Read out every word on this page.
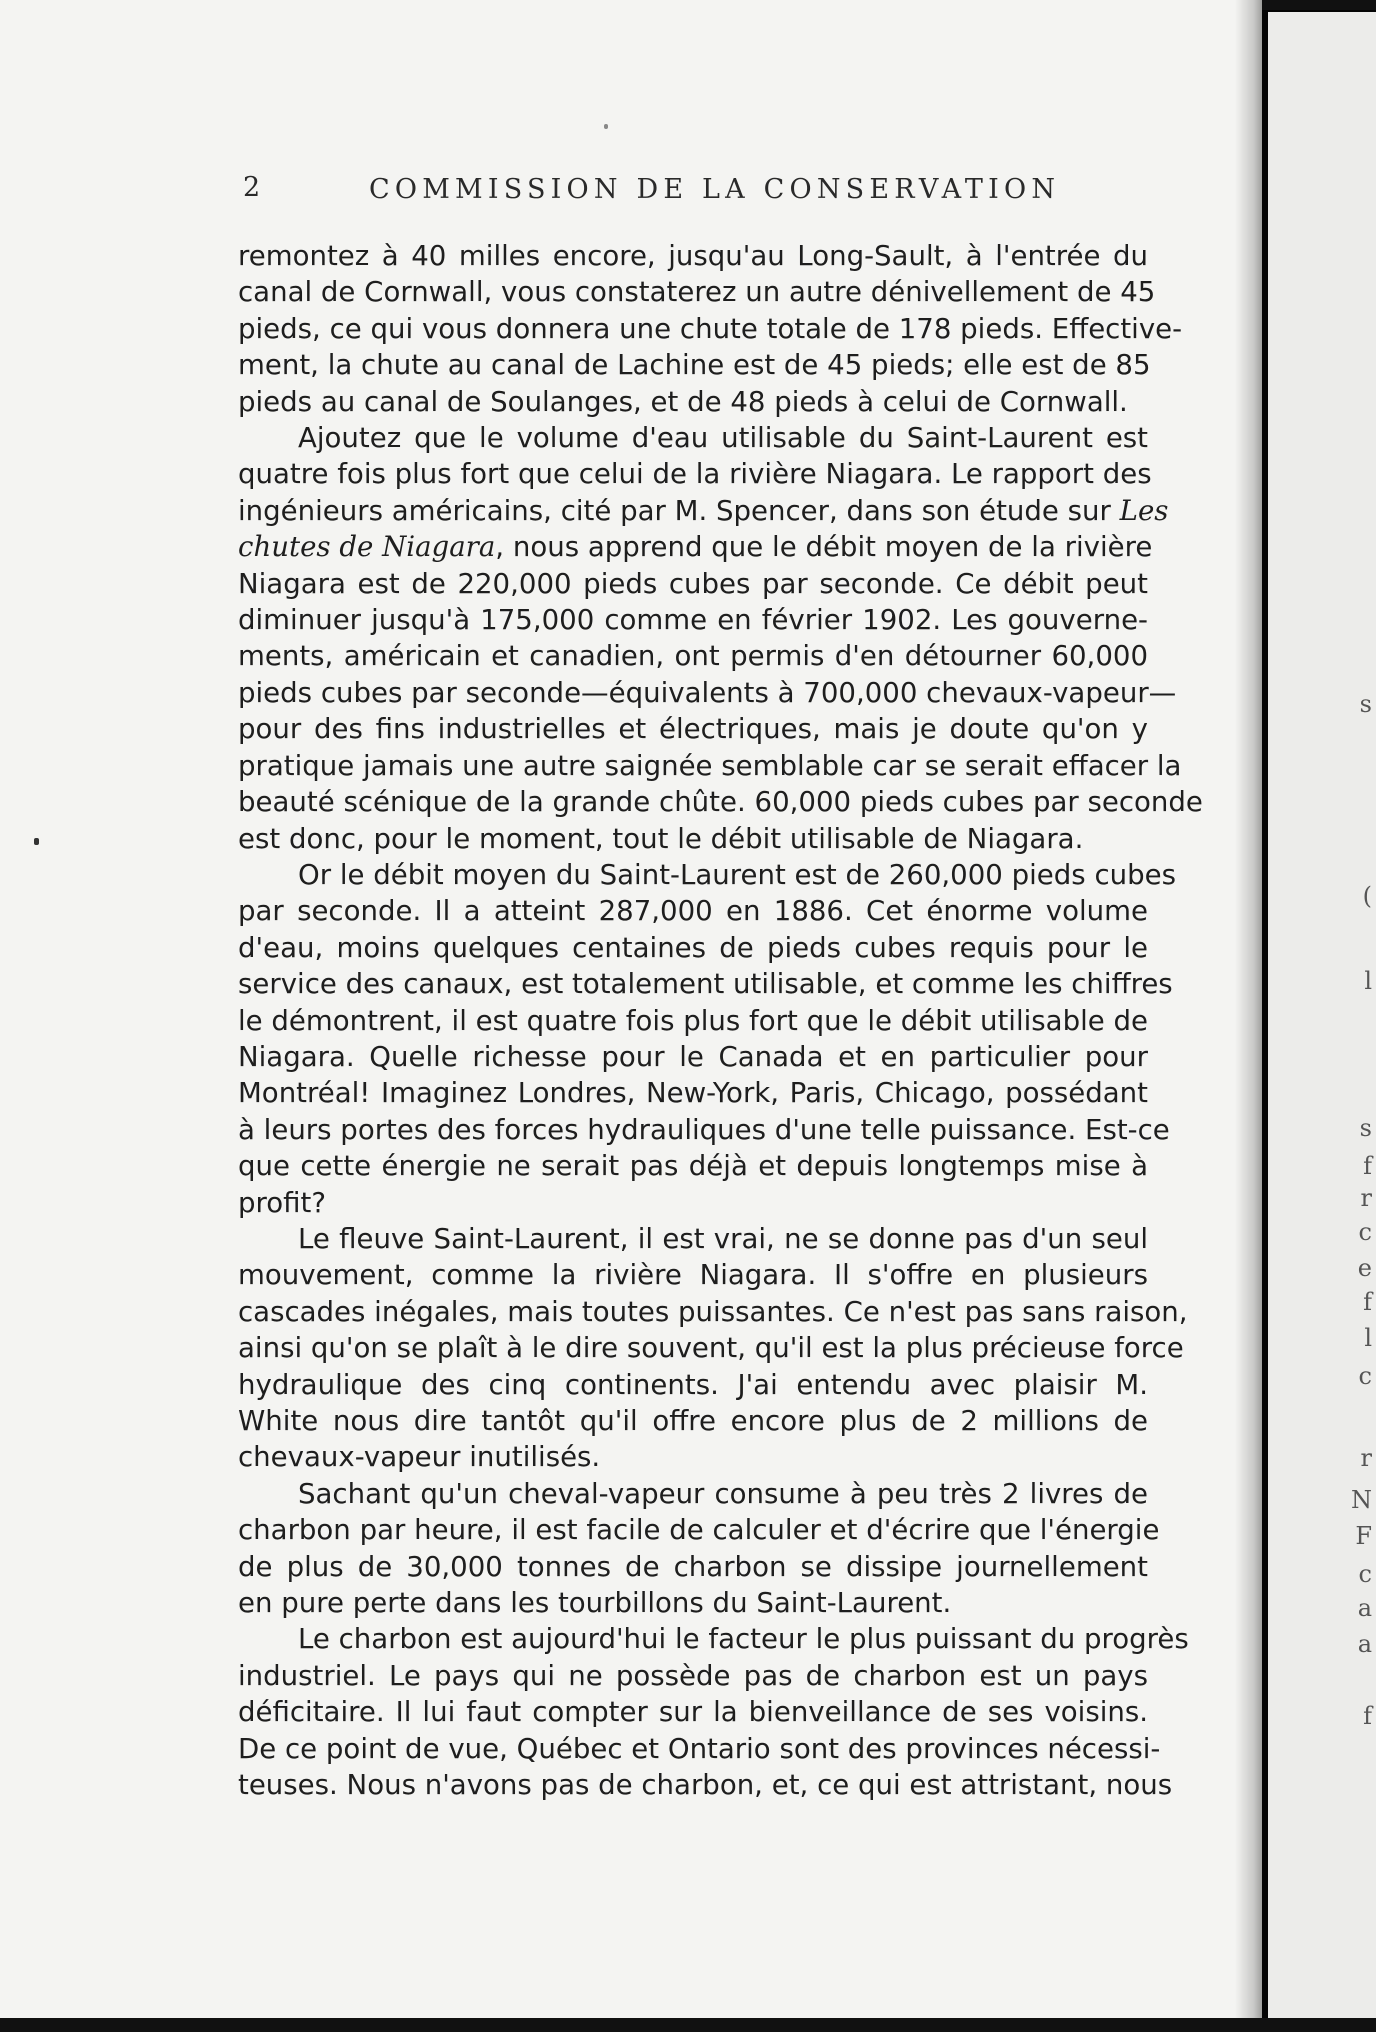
2	COMMISSION DE LA CONSERVATION

remontez à 40 milles encore, jusqu'au Long-Sault, à l'entrée du
canal de Cornwall, vous constaterez un autre dénivellement de 45
pieds, ce qui vous donnera une chute totale de 178 pieds. Effective-
ment, la chute au canal de Lachine est de 45 pieds; elle est de 85
pieds au canal de Soulanges, et de 48 pieds à celui de Cornwall.

Ajoutez que le volume d'eau utilisable du Saint-Laurent est
quatre fois plus fort que celui de la rivière Niagara. Le rapport des
ingénieurs américains, cité par M. Spencer, dans son étude sur Les
chutes de Niagara, nous apprend que le débit moyen de la rivière
Niagara est de 220,000 pieds cubes par seconde. Ce débit peut
diminuer jusqu'à 175,000 comme en février 1902. Les gouverne-
ments, américain et canadien, ont permis d'en détourner 60,000
pieds cubes par seconde—équivalents à 700,000 chevaux-vapeur—
pour des fins industrielles et électriques, mais je doute qu'on y
pratique jamais une autre saignée semblable car se serait effacer la
beauté scénique de la grande chûte. 60,000 pieds cubes par seconde
est donc, pour le moment, tout le débit utilisable de Niagara.

Or le débit moyen du Saint-Laurent est de 260,000 pieds cubes
par seconde. Il a atteint 287,000 en 1886. Cet énorme volume
d'eau, moins quelques centaines de pieds cubes requis pour le
service des canaux, est totalement utilisable, et comme les chiffres
le démontrent, il est quatre fois plus fort que le débit utilisable de
Niagara. Quelle richesse pour le Canada et en particulier pour
Montréal! Imaginez Londres, New-York, Paris, Chicago, possédant
à leurs portes des forces hydrauliques d'une telle puissance. Est-ce
que cette énergie ne serait pas déjà et depuis longtemps mise à
profit?

Le fleuve Saint-Laurent, il est vrai, ne se donne pas d'un seul
mouvement, comme la rivière Niagara. Il s'offre en plusieurs
cascades inégales, mais toutes puissantes. Ce n'est pas sans raison,
ainsi qu'on se plaît à le dire souvent, qu'il est la plus précieuse force
hydraulique des cinq continents. J'ai entendu avec plaisir M.
White nous dire tantôt qu'il offre encore plus de 2 millions de
chevaux-vapeur inutilisés.

Sachant qu'un cheval-vapeur consume à peu très 2 livres de
charbon par heure, il est facile de calculer et d'écrire que l'énergie
de plus de 30,000 tonnes de charbon se dissipe journellement
en pure perte dans les tourbillons du Saint-Laurent.

Le charbon est aujourd'hui le facteur le plus puissant du progrès
industriel. Le pays qui ne possède pas de charbon est un pays
déficitaire. Il lui faut compter sur la bienveillance de ses voisins.
De ce point de vue, Québec et Ontario sont des provinces nécessi-
teuses. Nous n'avons pas de charbon, et, ce qui est attristant, nous

s
(
l
s
f
r
c
e
f
l
c
r
N
F
c
a
a
f
